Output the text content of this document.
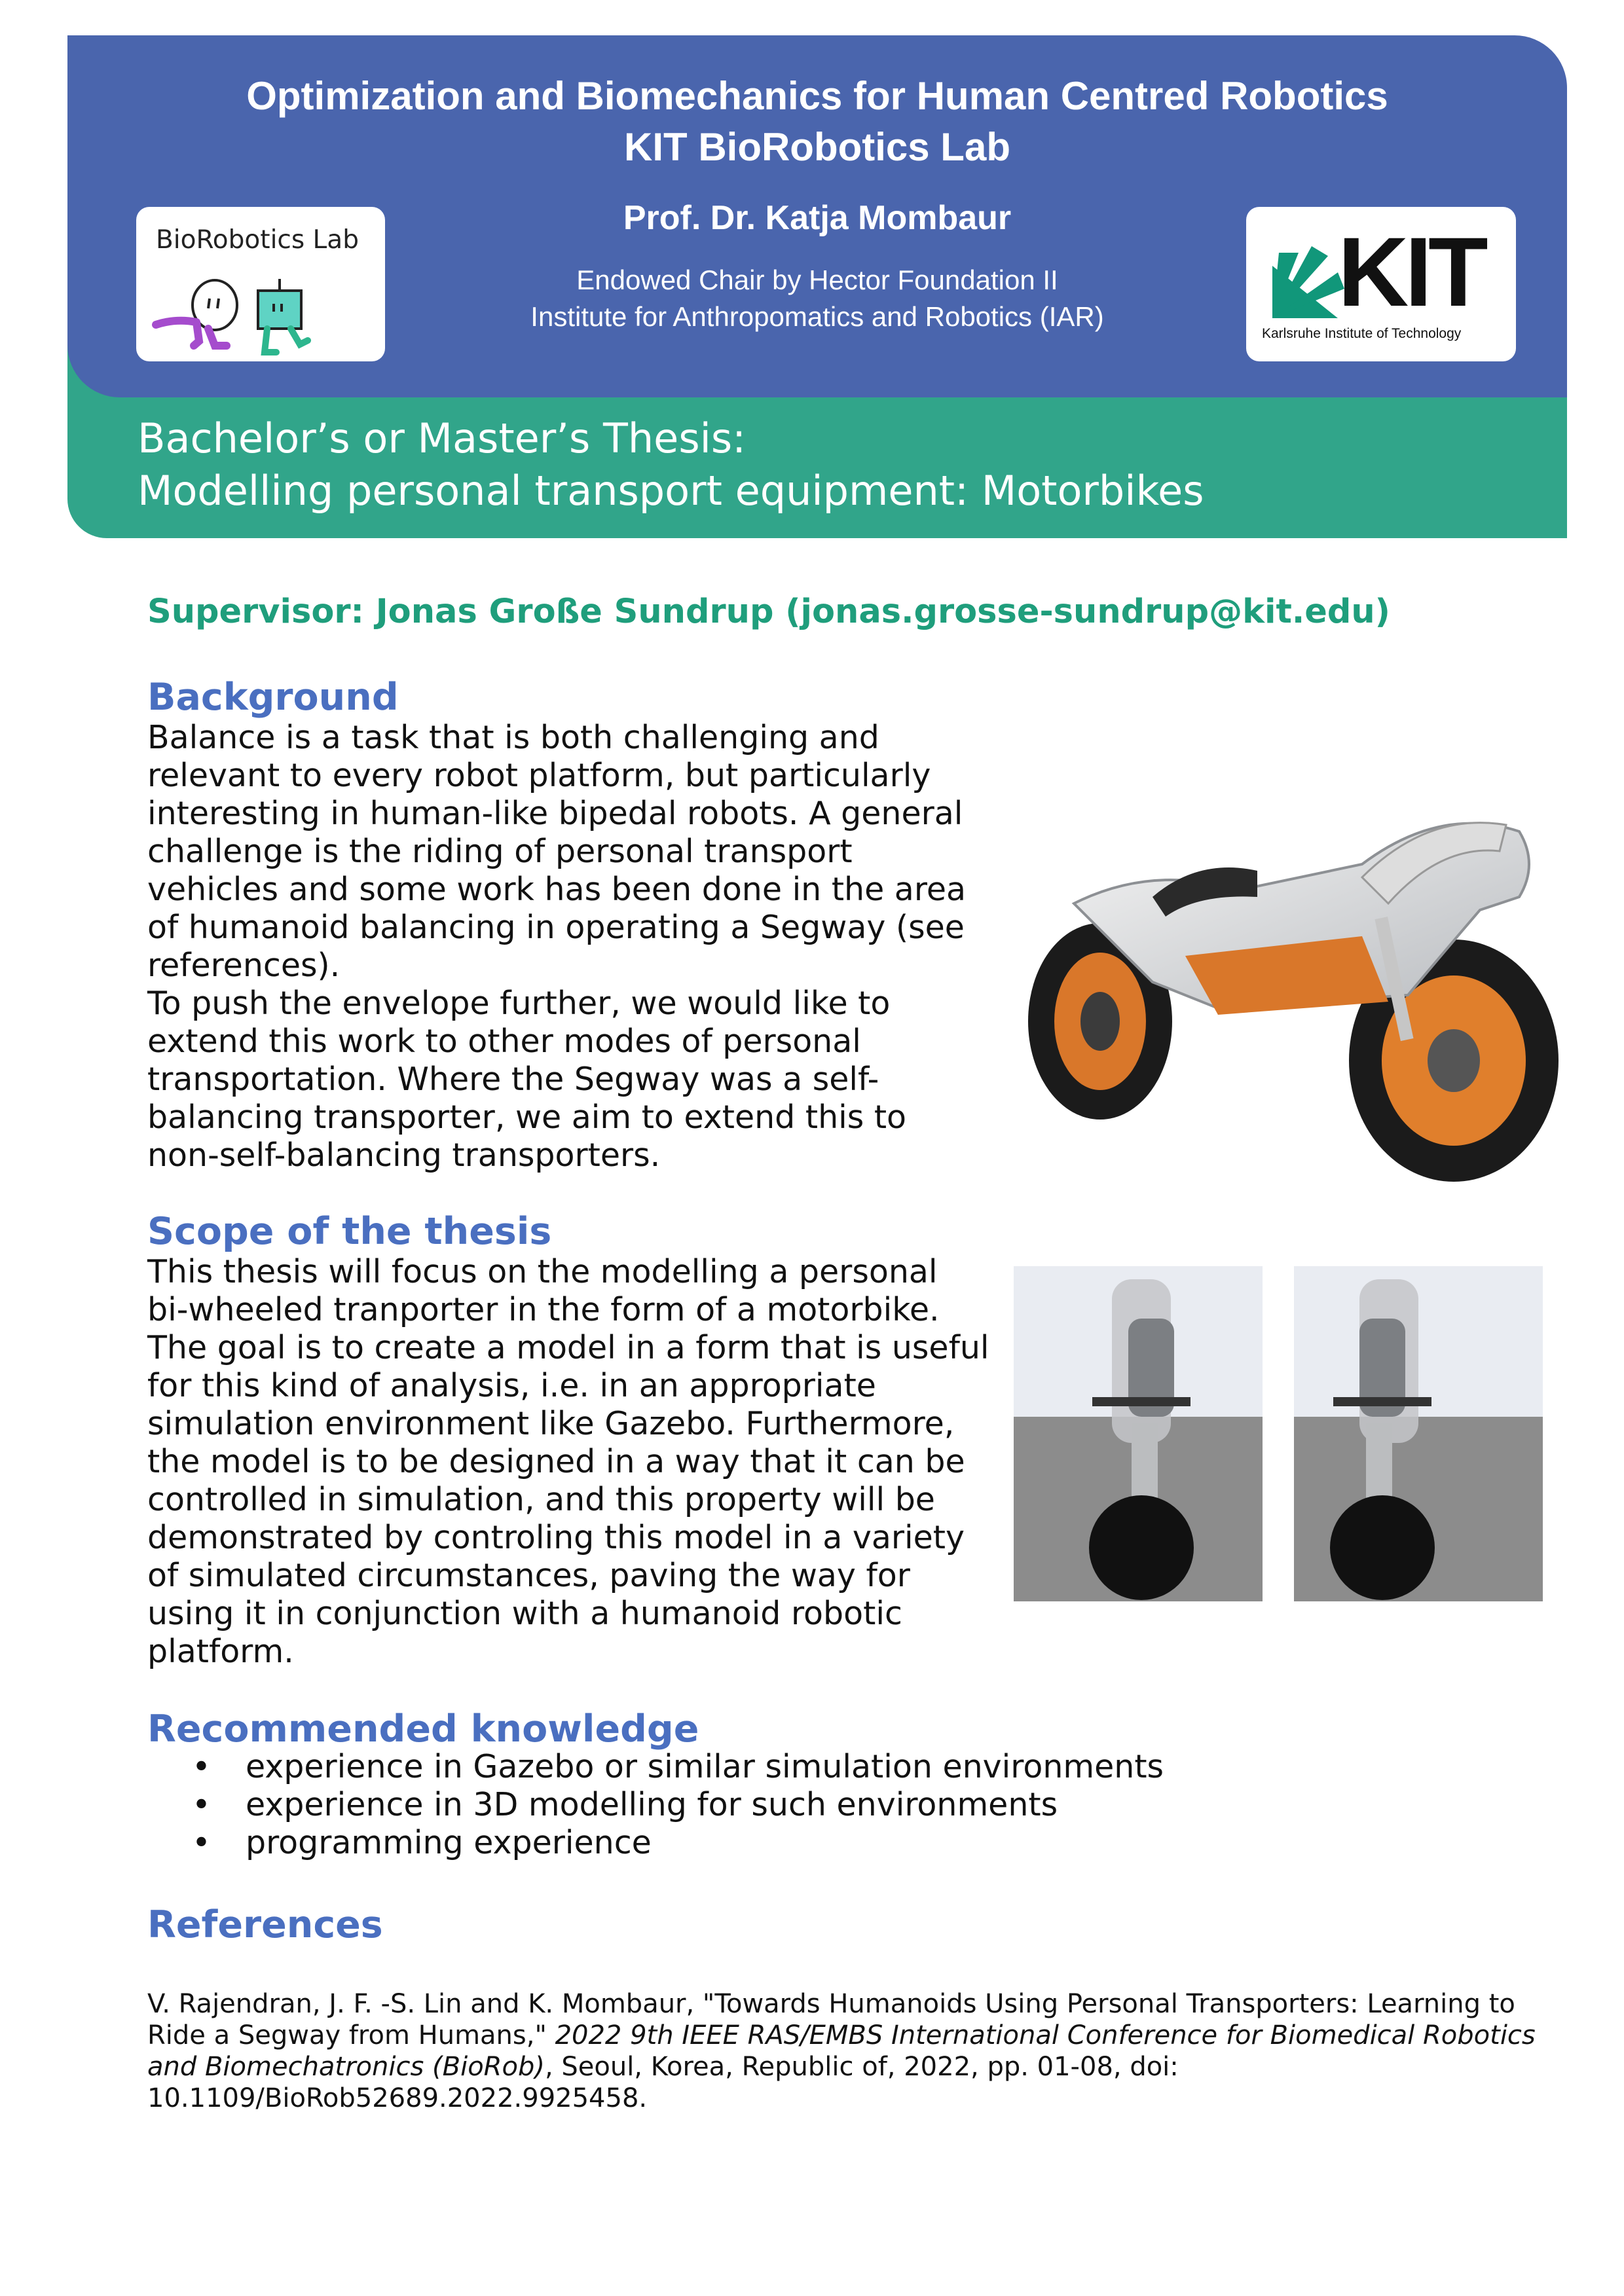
Optimization and Biomechanics for Human Centred Robotics
KIT BioRobotics Lab
Prof. Dr. Katja Mombaur
Endowed Chair by Hector Foundation II
Institute for Anthropomatics and Robotics (IAR)
BioRobotics Lab	KIT
Karlsruhe Institute of Technology
Bachelor’s or Master’s Thesis:
Modelling personal transport equipment: Motorbikes
Supervisor: Jonas Große Sundrup (jonas.grosse-sundrup@kit.edu)
Background
Balance is a task that is both challenging and
relevant to every robot platform, but particularly
interesting in human-like bipedal robots. A general
challenge is the riding of personal transport
vehicles and some work has been done in the area
of humanoid balancing in operating a Segway (see
references).
To push the envelope further, we would like to
extend this work to other modes of personal
transportation. Where the Segway was a self-
balancing transporter, we aim to extend this to
non-self-balancing transporters.
Scope of the thesis
This thesis will focus on the modelling a personal
bi-wheeled tranporter in the form of a motorbike.
The goal is to create a model in a form that is useful
for this kind of analysis, i.e. in an appropriate
simulation environment like Gazebo. Furthermore,
the model is to be designed in a way that it can be
controlled in simulation, and this property will be
demonstrated by controling this model in a variety
of simulated circumstances, paving the way for
using it in conjunction with a humanoid robotic
platform.
Recommended knowledge
• experience in Gazebo or similar simulation environments
• experience in 3D modelling for such environments
• programming experience
References
V. Rajendran, J. F. -S. Lin and K. Mombaur, "Towards Humanoids Using Personal Transporters: Learning to Ride a Segway from Humans," 2022 9th IEEE RAS/EMBS International Conference for Biomedical Robotics and Biomechatronics (BioRob), Seoul, Korea, Republic of, 2022, pp. 01-08, doi: 10.1109/BioRob52689.2022.9925458.
